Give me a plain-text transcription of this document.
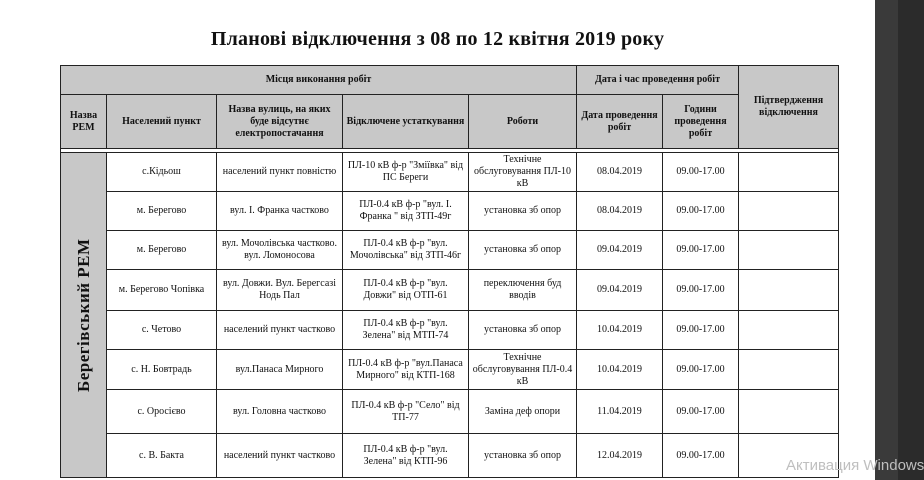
Планові відключення з 08 по 12 квітня 2019 року
Місця виконання робіт					Дата і час проведення робіт		Підтвердження відключення
Назва РЕМ	Населений пункт	Назва вулиць, на яких буде відсутнє електропостачання	Відключене устаткування	Роботи	Дата проведення робіт	Години проведення робіт	

Берегівський РЕМ	с.Кідьош	населений пункт повністю	ПЛ-10 кВ ф-р "Зміївка" від ПС Береги	Технічне обслуговування ПЛ-10 кВ	08.04.2019	09.00-17.00	
	м. Берегово	вул. І. Франка частково	ПЛ-0.4 кВ ф-р "вул. І. Франка " від ЗТП-49г	установка зб опор	08.04.2019	09.00-17.00	
	м. Берегово	вул. Мочолівська частково. вул. Ломоносова	ПЛ-0.4 кВ ф-р "вул. Мочолівська" від ЗТП-46г	установка зб опор	09.04.2019	09.00-17.00	
	м. Берегово Чопівка	вул. Довжи. Вул. Берегсазі Нодь Пал	ПЛ-0.4 кВ ф-р "вул. Довжи" від ОТП-61	переключення буд вводів	09.04.2019	09.00-17.00	
	с. Четово	населений пункт частково	ПЛ-0.4 кВ ф-р "вул. Зелена" від МТП-74	установка зб опор	10.04.2019	09.00-17.00	
	с. Н. Бовтрадь	вул.Панаса Мирного	ПЛ-0.4 кВ ф-р "вул.Панаса Мирного" від КТП-168	Технічне обслуговування ПЛ-0.4 кВ	10.04.2019	09.00-17.00	
	с. Оросієво	вул. Головна частково	ПЛ-0.4 кВ ф-р "Село" від ТП-77	Заміна деф опори	11.04.2019	09.00-17.00	
	с. В. Бакта	населений пункт частково	ПЛ-0.4 кВ ф-р "вул. Зелена" від КТП-96	установка зб опор	12.04.2019	09.00-17.00	
Активация Windows
